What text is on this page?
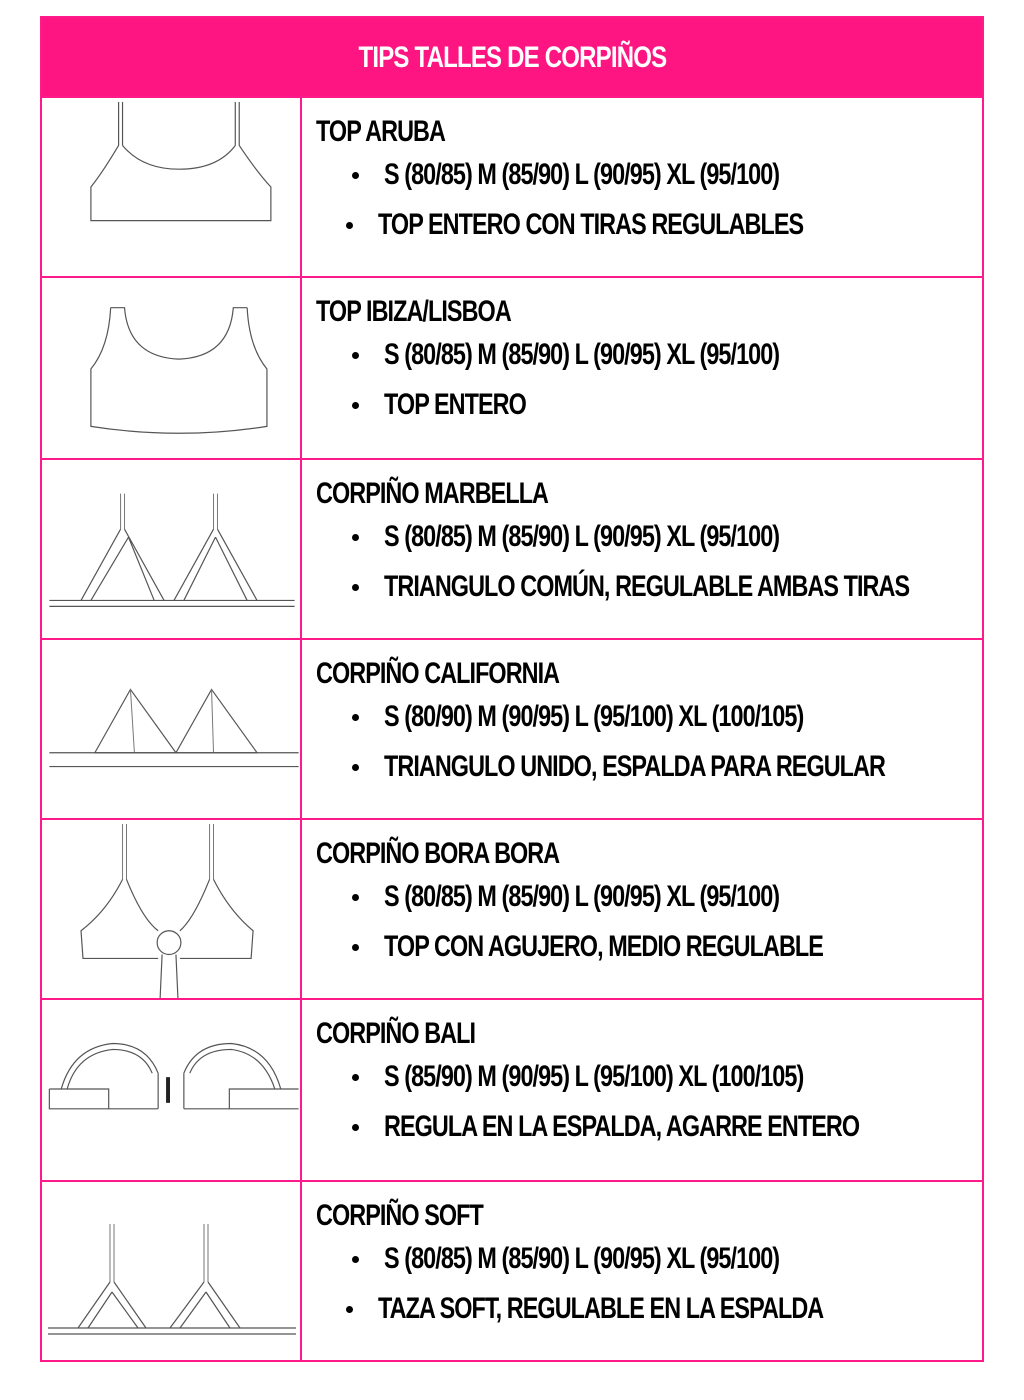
TIPS TALLES DE CORPIÑOS
TOP ARUBA
S (80/85) M (85/90) L (90/95) XL (95/100)
TOP ENTERO CON TIRAS REGULABLES
TOP IBIZA/LISBOA
S (80/85) M (85/90) L (90/95) XL (95/100)
TOP ENTERO
CORPIÑO MARBELLA
S (80/85) M (85/90) L (90/95) XL (95/100)
TRIANGULO COMÚN, REGULABLE AMBAS TIRAS
CORPIÑO CALIFORNIA
S (80/90) M (90/95) L (95/100) XL (100/105)
TRIANGULO UNIDO, ESPALDA PARA REGULAR
CORPIÑO BORA BORA
S (80/85) M (85/90) L (90/95) XL (95/100)
TOP CON AGUJERO, MEDIO REGULABLE
CORPIÑO BALI
S (85/90) M (90/95) L (95/100) XL (100/105)
REGULA EN LA ESPALDA, AGARRE ENTERO
CORPIÑO SOFT
S (80/85) M (85/90) L (90/95) XL (95/100)
TAZA SOFT, REGULABLE EN LA ESPALDA
